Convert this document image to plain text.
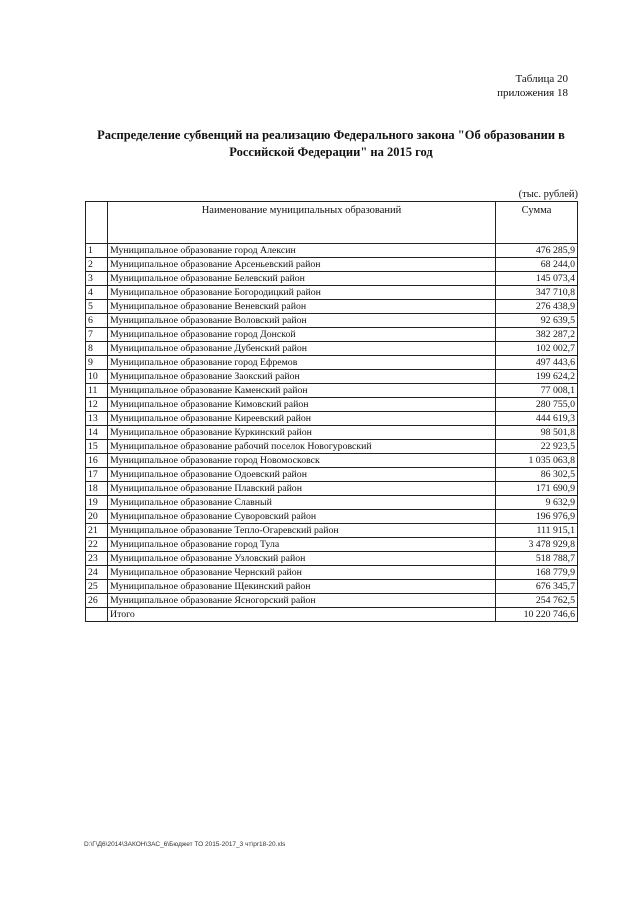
Таблица 20
приложения 18
Распределение субвенций на реализацию Федерального закона "Об образовании в Российской Федерации" на 2015 год
(тыс. рублей)
	Наименование муниципальных образований	Сумма
1	Муниципальное образование город Алексин	476 285,9
2	Муниципальное образование Арсеньевский район	68 244,0
3	Муниципальное образование Белевский район	145 073,4
4	Муниципальное образование Богородицкий район	347 710,8
5	Муниципальное образование Веневский район	276 438,9
6	Муниципальное образование Воловский район	92 639,5
7	Муниципальное образование город Донской	382 287,2
8	Муниципальное образование Дубенский район	102 002,7
9	Муниципальное образование город Ефремов	497 443,6
10	Муниципальное образование Заокский район	199 624,2
11	Муниципальное образование Каменский район	77 008,1
12	Муниципальное образование Кимовский район	280 755,0
13	Муниципальное образование Киреевский район	444 619,3
14	Муниципальное образование Куркинский район	98 501,8
15	Муниципальное образование рабочий поселок Новогуровский	22 923,5
16	Муниципальное образование город Новомосковск	1 035 063,8
17	Муниципальное образование Одоевский район	86 302,5
18	Муниципальное образование Плавский район	171 690,9
19	Муниципальное образование Славный	9 632,9
20	Муниципальное образование Суворовский район	196 976,9
21	Муниципальное образование Тепло-Огаревский район	111 915,1
22	Муниципальное образование город Тула	3 478 929,8
23	Муниципальное образование Узловский район	518 788,7
24	Муниципальное образование Чернский район	168 779,9
25	Муниципальное образование Щекинский район	676 345,7
26	Муниципальное образование Ясногорский район	254 762,5
	Итого	10 220 746,6
D:\Г\Д6\2014\ЗАКОН\ЗАС_6\Бюджет ТО 2015-2017_3 чт\pr18-20.xls
